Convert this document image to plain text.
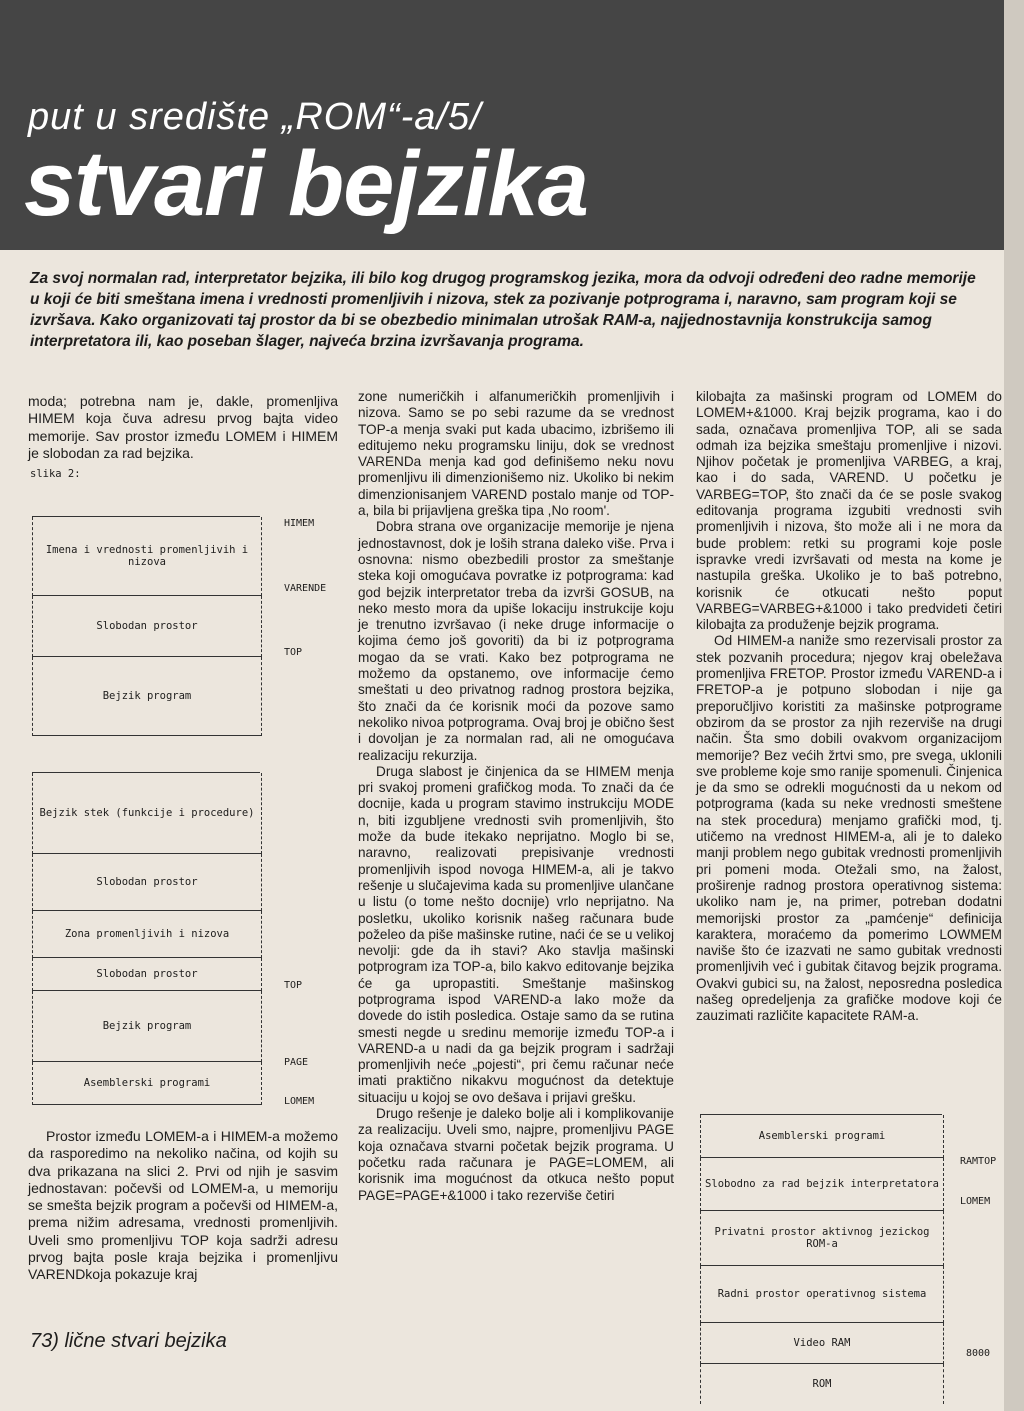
put u središte „ROM“-a/5/
stvari bejzika
Za svoj normalan rad, interpretator bejzika, ili bilo kog drugog programskog jezika, mora da odvoji određeni deo radne memorije u koji će biti smeštana imena i vrednosti promenljivih i nizova, stek za pozivanje potprograma i, naravno, sam program koji se izvršava. Kako organizovati taj prostor da bi se obezbedio minimalan utrošak RAM-a, najjednostavnija konstrukcija samog interpretatora ili, kao poseban šlager, najveća brzina izvršavanja programa.

moda; potrebna nam je, dakle, promenljiva HIMEM koja čuva adresu prvog bajta video memorije. Sav prostor između LOMEM i HIMEM je slobodan za rad bejzika.

slika 2:
Imena i vrednosti promenljivih i nizova
Slobodan prostor
Bejzik program
HIMEM
VARENDE
TOP
Bejzik stek (funkcije i procedure)
Slobodan prostor
Zona promenljivih i nizova
Slobodan prostor
Bejzik program
Asemblerski programi
TOP
PAGE
LOMEM

Prostor između LOMEM-a i HIMEM-a možemo da rasporedimo na nekoliko načina, od kojih su dva prikazana na slici 2. Prvi od njih je sasvim jednostavan: počevši od LOMEM-a, u memoriju se smešta bejzik program a počevši od HIMEM-a, prema nižim adresama, vrednosti promenljivih. Uveli smo promenljivu TOP koja sadrži adresu prvog bajta posle kraja bejzika i promenljivu VARENDkoja pokazuje kraj

zone numeričkih i alfanumeričkih promenljivih i nizova. Samo se po sebi razume da se vrednost TOP-a menja svaki put kada ubacimo, izbrišemo ili editujemo neku programsku liniju, dok se vrednost VARENDa menja kad god definišemo neku novu promenljivu ili dimenzionišemo niz. Ukoliko bi nekim dimenzionisanjem VAREND postalo manje od TOP-a, bila bi prijavljena greška tipa ,No room'.

Dobra strana ove organizacije memorije je njena jednostavnost, dok je loših strana daleko više. Prva i osnovna: nismo obezbedili prostor za smeštanje steka koji omogućava povratke iz potprograma: kad god bejzik interpretator treba da izvrši GOSUB, na neko mesto mora da upiše lokaciju instrukcije koju je trenutno izvršavao (i neke druge informacije o kojima ćemo još govoriti) da bi iz potprograma mogao da se vrati. Kako bez potprograma ne možemo da opstanemo, ove informacije ćemo smeštati u deo privatnog radnog prostora bejzika, što znači da će korisnik moći da pozove samo nekoliko nivoa potprograma. Ovaj broj je obično šest i dovoljan je za normalan rad, ali ne omogućava realizaciju rekurzija.

Druga slabost je činjenica da se HIMEM menja pri svakoj promeni grafičkog moda. To znači da će docnije, kada u program stavimo instrukciju MODE n, biti izgubljene vrednosti svih promenljivih, što može da bude itekako neprijatno. Moglo bi se, naravno, realizovati prepisivanje vrednosti promenljivih ispod novoga HIMEM-a, ali je takvo rešenje u slučajevima kada su promenljive ulančane u listu (o tome nešto docnije) vrlo neprijatno. Na posletku, ukoliko korisnik našeg računara bude poželeo da piše mašinske rutine, naći će se u velikoj nevolji: gde da ih stavi? Ako stavlja mašinski potprogram iza TOP-a, bilo kakvo editovanje bejzika će ga upropastiti. Smeštanje mašinskog potprograma ispod VAREND-a lako može da dovede do istih posledica. Ostaje samo da se rutina smesti negde u sredinu memorije između TOP-a i VAREND-a u nadi da ga bejzik program i sadržaji promenljivih neće „pojesti“, pri čemu računar neće imati praktično nikakvu mogućnost da detektuje situaciju u kojoj se ovo dešava i prijavi grešku.

Drugo rešenje je daleko bolje ali i komplikovanije za realizaciju. Uveli smo, najpre, promenljivu PAGE koja označava stvarni početak bejzik programa. U početku rada računara je PAGE=LOMEM, ali korisnik ima mogućnost da otkuca nešto poput PAGE=PAGE+&1000 i tako rezerviše četiri

kilobajta za mašinski program od LOMEM do LOMEM+&1000. Kraj bejzik programa, kao i do sada, označava promenljiva TOP, ali se sada odmah iza bejzika smeštaju promenljive i nizovi. Njihov početak je promenljiva VARBEG, a kraj, kao i do sada, VAREND. U početku je VARBEG=TOP, što znači da će se posle svakog editovanja programa izgubiti vrednosti svih promenljivih i nizova, što može ali i ne mora da bude problem: retki su programi koje posle ispravke vredi izvršavati od mesta na kome je nastupila greška. Ukoliko je to baš potrebno, korisnik će otkucati nešto poput VARBEG=VARBEG+&1000 i tako predvideti četiri kilobajta za produženje bejzik programa.

Od HIMEM-a naniže smo rezervisali prostor za stek pozvanih procedura; njegov kraj obeležava promenljiva FRETOP. Prostor između VAREND-a i FRETOP-a je potpuno slobodan i nije ga preporučljivo koristiti za mašinske potprograme obzirom da se prostor za njih rezerviše na drugi način. Šta smo dobili ovakvom organizacijom memorije? Bez većih žrtvi smo, pre svega, uklonili sve probleme koje smo ranije spomenuli. Činjenica je da smo se odrekli mogućnosti da u nekom od potprograma (kada su neke vrednosti smeštene na stek procedura) menjamo grafički mod, tj. utičemo na vrednost HIMEM-a, ali je to daleko manji problem nego gubitak vrednosti promenljivih pri pomeni moda. Otežali smo, na žalost, proširenje radnog prostora operativnog sistema: ukoliko nam je, na primer, potreban dodatni memorijski prostor za „pamćenje“ definicija karaktera, moraćemo da pomerimo LOWMEM naviše što će izazvati ne samo gubitak vrednosti promenljivih već i gubitak čitavog bejzik programa. Ovakvi gubici su, na žalost, neposredna posledica našeg opredeljenja za grafičke modove koji će zauzimati različite kapacitete RAM-a.

Asemblerski programi
Slobodno za rad bejzik interpretatora
Privatni prostor aktivnog jezickog ROM-a
Radni prostor operativnog sistema
Video RAM
ROM
RAMTOP
LOMEM
8000
73) lične stvari bejzika
